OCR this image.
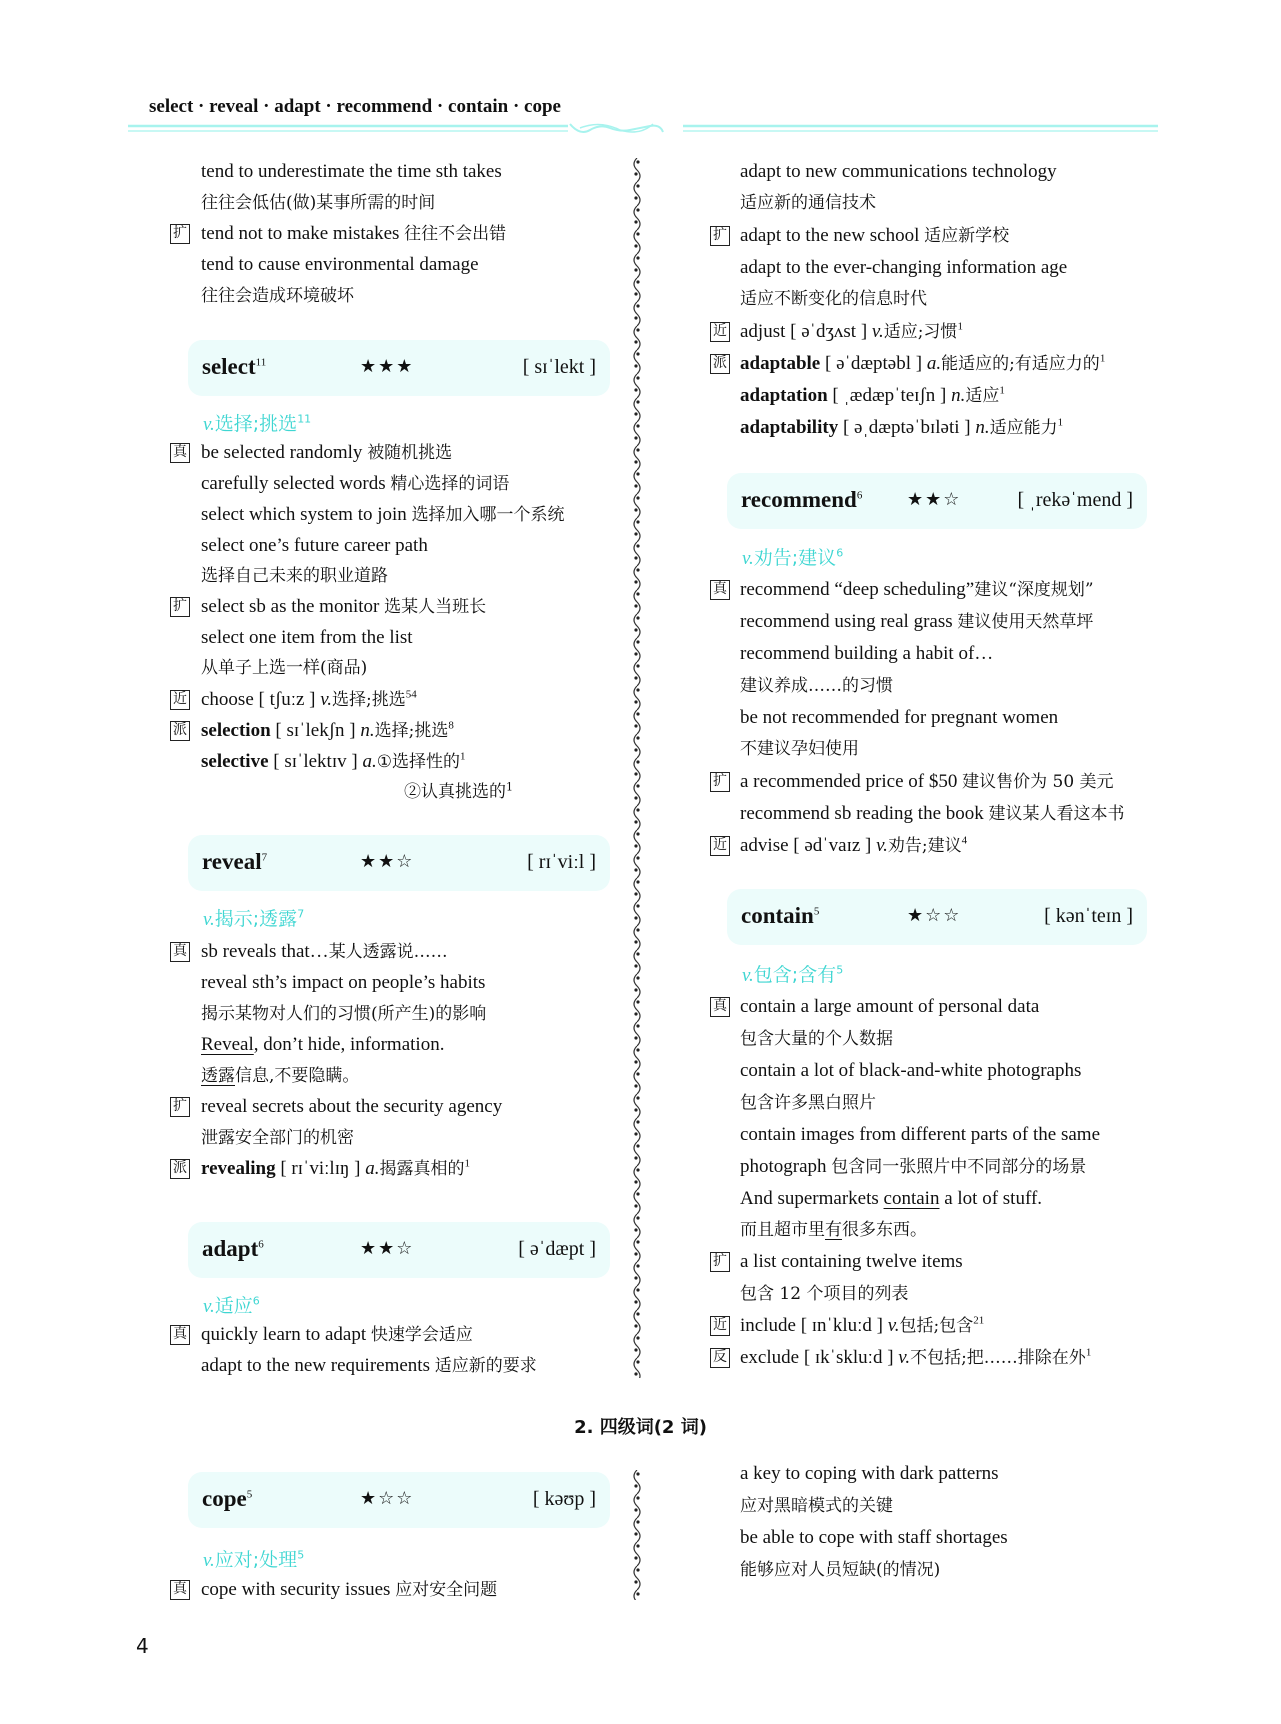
select · reveal · adapt · recommend · contain · cope
tend to underestimate the time sth takes
往往会低估(做)某事所需的时间
扩 tend not to make mistakes 往往不会出错
tend to cause environmental damage
往往会造成环境破坏
select$^{11}$	★★★	[ sɪˈlekt ]
v.选择;挑选$^{11}$
真 be selected randomly 被随机挑选
carefully selected words 精心选择的词语
select which system to join 选择加入哪一个系统
select one’s future career path
选择自己未来的职业道路
扩 select sb as the monitor 选某人当班长
select one item from the list
从单子上选一样(商品)
近 choose [ tʃuːz ] v.选择;挑选$^{54}$
派 selection [ sɪˈlekʃn ] n.选择;挑选$^8$
selective [ sɪˈlektɪv ] a.①选择性的$^1$
②认真挑选的$^1$
reveal$^7$	★★☆	[ rɪˈviːl ]
v.揭示;透露$^7$
真 sb reveals that…某人透露说……
reveal sth’s impact on people’s habits
揭示某物对人们的习惯(所产生)的影响
Reveal, don’t hide, information.
透露信息,不要隐瞒。
扩 reveal secrets about the security agency
泄露安全部门的机密
派 revealing [ rɪˈviːlɪŋ ] a.揭露真相的$^1$
adapt$^6$	★★☆	[ əˈdæpt ]
v.适应$^6$
真 quickly learn to adapt 快速学会适应
adapt to the new requirements 适应新的要求
adapt to new communications technology
适应新的通信技术
扩 adapt to the new school 适应新学校
adapt to the ever-changing information age
适应不断变化的信息时代
近 adjust [ əˈdʒʌst ] v.适应;习惯$^1$
派 adaptable [ əˈdæptəbl ] a.能适应的;有适应力的$^1$
adaptation [ ˌædæpˈteɪʃn ] n.适应$^1$
adaptability [ əˌdæptəˈbɪləti ] n.适应能力$^1$
recommend$^6$ ★★☆	[ ˌrekəˈmend ]
v.劝告;建议$^6$
真 recommend “deep scheduling”建议“深度规划”
recommend using real grass 建议使用天然草坪
recommend building a habit of…
建议养成……的习惯
be not recommended for pregnant women
不建议孕妇使用
扩 a recommended price of $50 建议售价为 50 美元
recommend sb reading the book 建议某人看这本书
近 advise [ ədˈvaɪz ] v.劝告;建议$^4$
contain$^5$	★☆☆	[ kənˈteɪn ]
v.包含;含有$^5$
真 contain a large amount of personal data
包含大量的个人数据
contain a lot of black-and-white photographs
包含许多黑白照片
contain images from different parts of the same
photograph 包含同一张照片中不同部分的场景
And supermarkets contain a lot of stuff.
而且超市里有很多东西。
扩 a list containing twelve items
包含 12 个项目的列表
近 include [ ɪnˈkluːd ] v.包括;包含$^{21}$
反 exclude [ ɪkˈskluːd ] v.不包括;把……排除在外$^1$
2. 四级词(2 词)
cope$^5$	★☆☆	[ kəʊp ]
v.应对;处理$^5$
真 cope with security issues 应对安全问题
a key to coping with dark patterns
应对黑暗模式的关键
be able to cope with staff shortages
能够应对人员短缺(的情况)
4
